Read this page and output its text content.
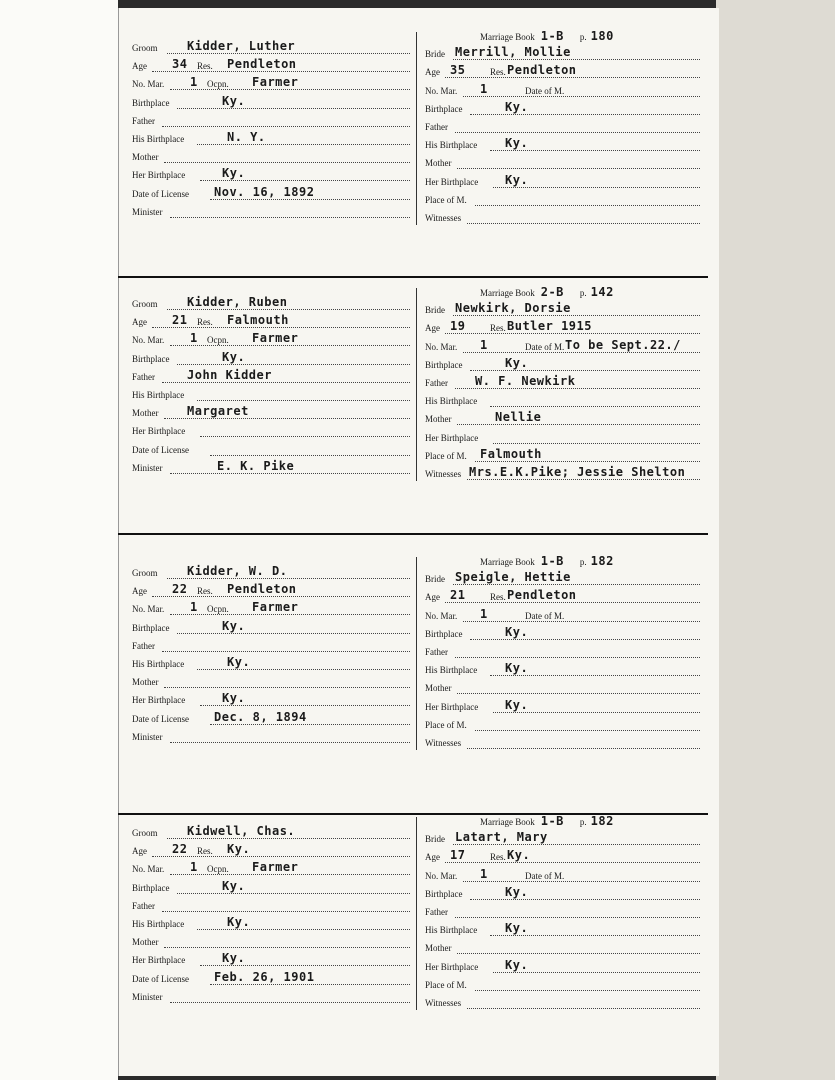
Groom Kidder, Luther
Age 34
No. Mar. 1
Birthplace	Ky.
Father
His Birthplace	N. Y.
Mother
Her Birthplace	Ky.
Date of License Nov. 16, 1892
Minister
Res. Pendleton
Ocpn. Farmer
Marriage Book 1-B p. 180
Bride Merrill, Mollie
Age 35
No. Mar. 1
Birthplace	Ky.
Father
His Birthplace Ky.
Mother
Her Birthplace Ky.
Place of M.
Witnesses
Res. Pendleton
Date of M.
Groom Kidder, Ruben
Age 21
No. Mar. 1
Birthplace	Ky.
Father	John Kidder
His Birthplace
Mother Margaret
Her Birthplace
Date of License
Minister	E. K. Pike
Res. Falmouth
Ocpn. Farmer
Marriage Book 2-B p. 142
Bride Newkirk, Dorsie
Age 19
No. Mar. 1
Birthplace	Ky.
Father W. F. Newkirk
His Birthplace
Mother	Nellie
Her Birthplace
Place of M. Falmouth
Witnesses Mrs.E.K.Pike; Jessie Shelton
Res. Butler 1915
Date of M. To be Sept.22./
Groom Kidder, W. D.
Age 22
No. Mar. 1
Birthplace	Ky.
Father
His Birthplace	Ky.
Mother
Her Birthplace	Ky.
Date of License Dec. 8, 1894
Minister
Res. Pendleton
Ocpn. Farmer
Marriage Book 1-B p. 182
Bride Speigle, Hettie
Age 21
No. Mar. 1
Birthplace	Ky.
Father
His Birthplace Ky.
Mother
Her Birthplace Ky.
Place of M.
Witnesses
Res. Pendleton
Date of M.
Groom Kidwell, Chas.
Age 22
No. Mar. 1
Birthplace	Ky.
Father
His Birthplace	Ky.
Mother
Her Birthplace	Ky.
Date of License Feb. 26, 1901
Minister
Res. Ky.
Ocpn. Farmer
Marriage Book 1-B p. 182
Bride Latart, Mary
Age 17
No. Mar. 1
Birthplace	Ky.
Father
His Birthplace Ky.
Mother
Her Birthplace Ky.
Place of M.
Witnesses
Res. Ky.
Date of M.
